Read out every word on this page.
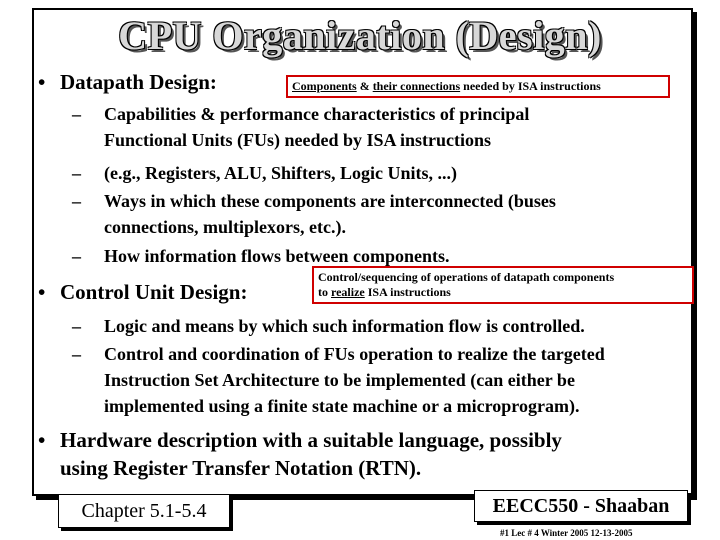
CPU Organization (Design)
• Datapath Design:	Components & their connections needed by ISA instructions
– Capabilities & performance characteristics of principal
Functional Units (FUs) needed by ISA instructions
– (e.g., Registers, ALU, Shifters, Logic Units, ...)
– Ways in which these components are interconnected (buses
connections, multiplexors, etc.).
– How information flows between components.
• Control Unit Design:
Control/sequencing of operations of datapath components
to realize ISA instructions
– Logic and means by which such information flow is controlled.
– Control and coordination of FUs operation to realize the targeted
Instruction Set Architecture to be implemented (can either be
implemented using a finite state machine or a microprogram).
• Hardware description with a suitable language, possibly
using Register Transfer Notation (RTN).
Chapter 5.1-5.4	EECC550 - Shaaban
#1 Lec # 4 Winter 2005 12-13-2005
